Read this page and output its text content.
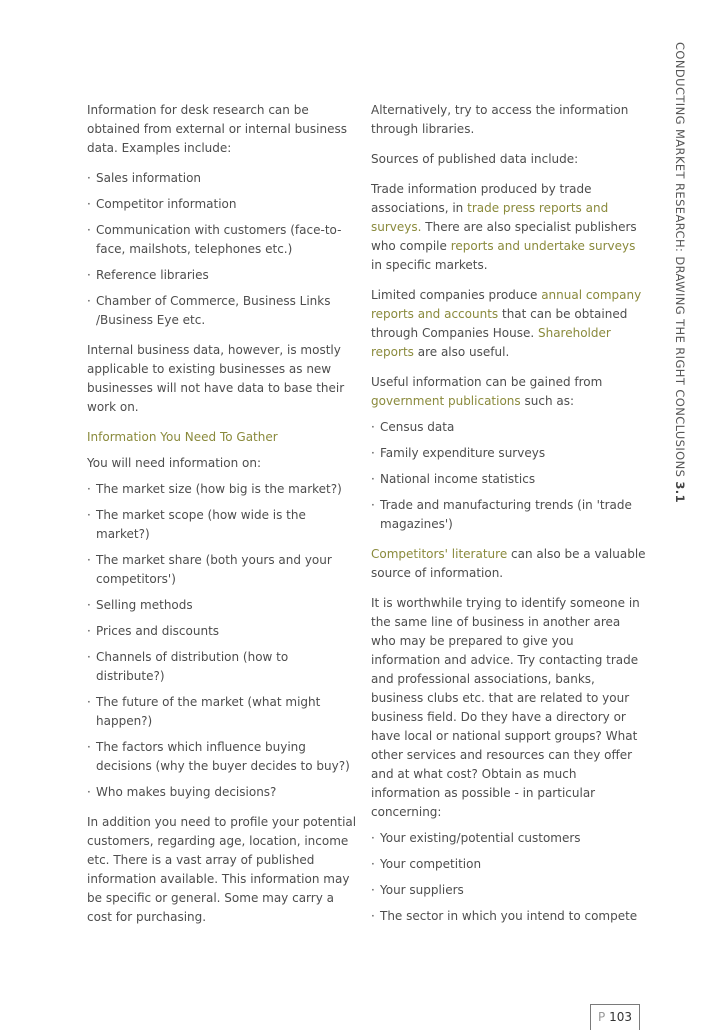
CONDUCTING MARKET RESEARCH: DRAWING THE RIGHT CONCLUSIONS 3.1

Information for desk research can be obtained from external or internal business data. Examples include:

· Sales information
· Competitor information
· Communication with customers (face-to-face, mailshots, telephones etc.)
· Reference libraries
· Chamber of Commerce, Business Links /Business Eye etc.

Internal business data, however, is mostly applicable to existing businesses as new businesses will not have data to base their work on.

Information You Need To Gather

You will need information on:

· The market size (how big is the market?)
· The market scope (how wide is the market?)
· The market share (both yours and your competitors')
· Selling methods
· Prices and discounts
· Channels of distribution (how to distribute?)
· The future of the market (what might happen?)
· The factors which influence buying decisions (why the buyer decides to buy?)
· Who makes buying decisions?

In addition you need to profile your potential customers, regarding age, location, income etc. There is a vast array of published information available. This information may be specific or general. Some may carry a cost for purchasing.

Alternatively, try to access the information through libraries.

Sources of published data include:

Trade information produced by trade associations, in trade press reports and surveys. There are also specialist publishers who compile reports and undertake surveys in specific markets.

Limited companies produce annual company reports and accounts that can be obtained through Companies House. Shareholder reports are also useful.

Useful information can be gained from government publications such as:

· Census data
· Family expenditure surveys
· National income statistics
· Trade and manufacturing trends (in 'trade magazines')

Competitors' literature can also be a valuable source of information.

It is worthwhile trying to identify someone in the same line of business in another area who may be prepared to give you information and advice. Try contacting trade and professional associations, banks, business clubs etc. that are related to your business field. Do they have a directory or have local or national support groups? What other services and resources can they offer and at what cost? Obtain as much information as possible - in particular concerning:

· Your existing/potential customers
· Your competition
· Your suppliers
· The sector in which you intend to compete
P 103
